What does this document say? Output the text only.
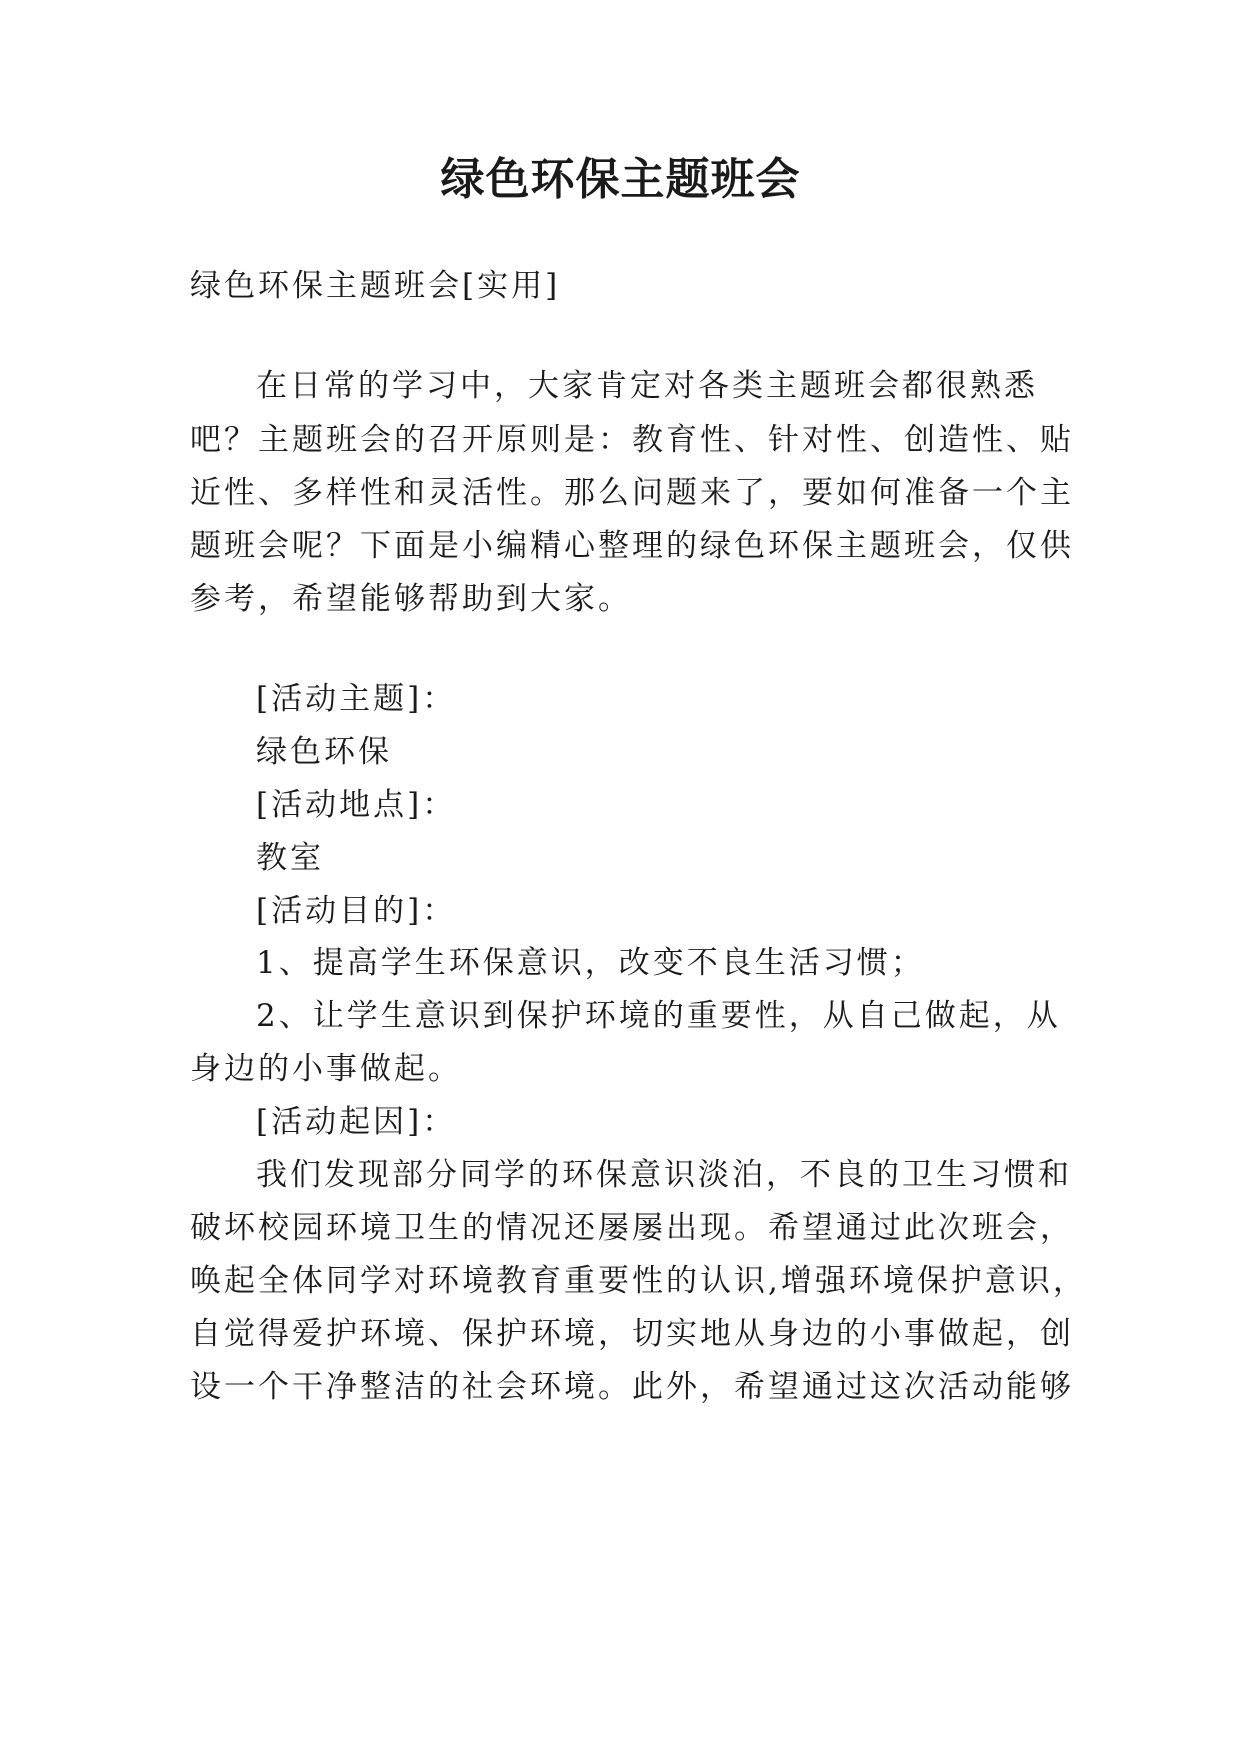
绿色环保主题班会
绿色环保主题班会[实用]
在日常的学习中，大家肯定对各类主题班会都很熟悉
吧？主题班会的召开原则是：教育性、针对性、创造性、贴
近性、多样性和灵活性。那么问题来了，要如何准备一个主
题班会呢？下面是小编精心整理的绿色环保主题班会，仅供
参考，希望能够帮助到大家。
[活动主题]：
绿色环保
[活动地点]：
教室
[活动目的]：
1、提高学生环保意识，改变不良生活习惯；
2、让学生意识到保护环境的重要性，从自己做起，从
身边的小事做起。
[活动起因]：
我们发现部分同学的环保意识淡泊，不良的卫生习惯和
破坏校园环境卫生的情况还屡屡出现。希望通过此次班会，
唤起全体同学对环境教育重要性的认识,增强环境保护意识，
自觉得爱护环境、保护环境，切实地从身边的小事做起，创
设一个干净整洁的社会环境。此外，希望通过这次活动能够
